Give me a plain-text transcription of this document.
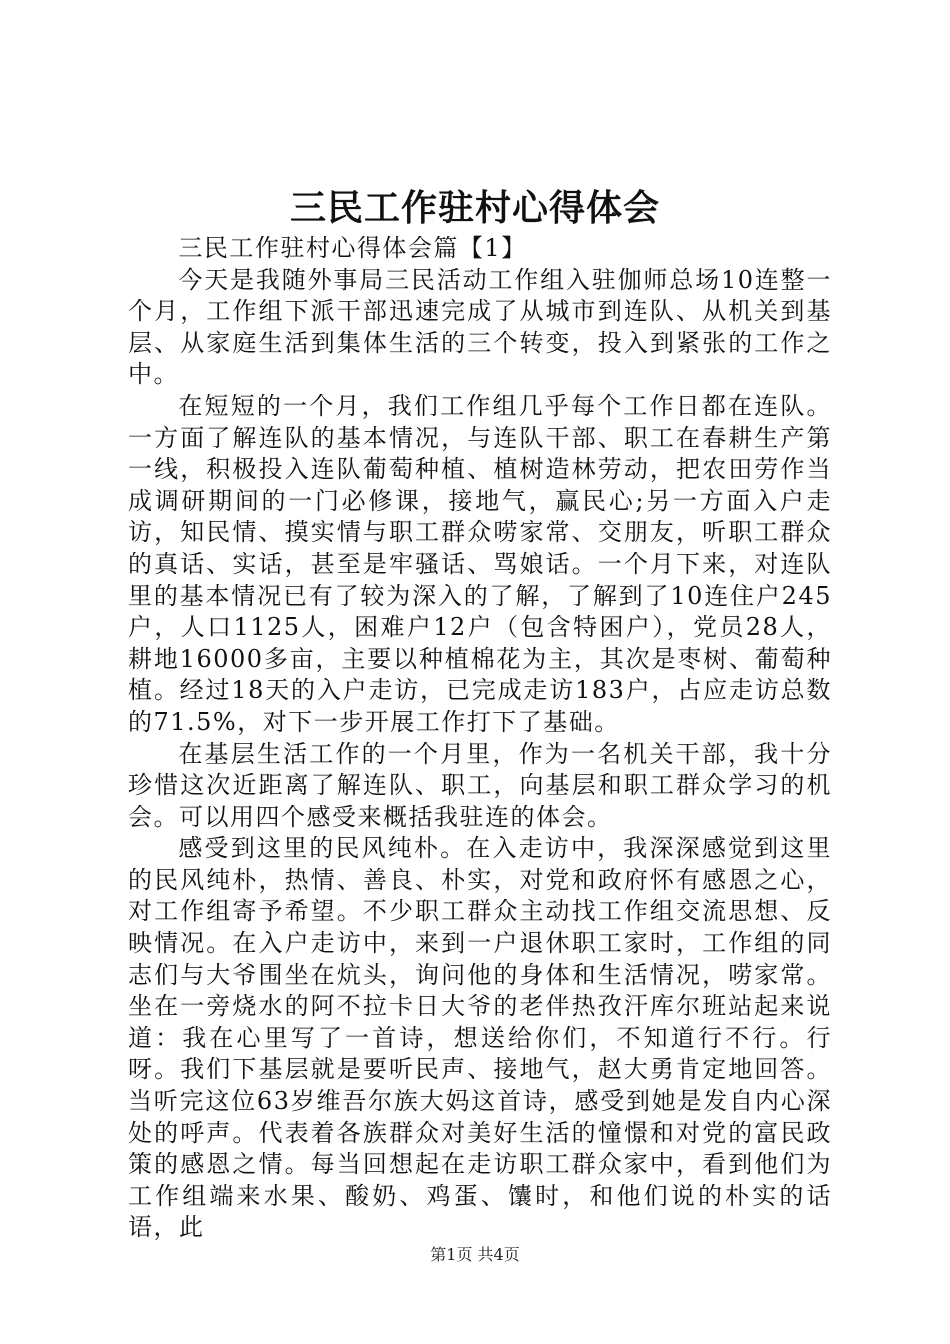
三民工作驻村心得体会

三民工作驻村心得体会篇【1】

今天是我随外事局三民活动工作组入驻伽师总场10连整一个月，工作组下派干部迅速完成了从城市到连队、从机关到基层、从家庭生活到集体生活的三个转变，投入到紧张的工作之中。

在短短的一个月，我们工作组几乎每个工作日都在连队。一方面了解连队的基本情况，与连队干部、职工在春耕生产第一线，积极投入连队葡萄种植、植树造林劳动，把农田劳作当成调研期间的一门必修课，接地气，赢民心;另一方面入户走访，知民情、摸实情与职工群众唠家常、交朋友，听职工群众的真话、实话，甚至是牢骚话、骂娘话。一个月下来，对连队里的基本情况已有了较为深入的了解，了解到了10连住户245户，人口1125人，困难户12户（包含特困户），党员28人，耕地16000多亩，主要以种植棉花为主，其次是枣树、葡萄种植。经过18天的入户走访，已完成走访183户，占应走访总数的71.5%，对下一步开展工作打下了基础。

在基层生活工作的一个月里，作为一名机关干部，我十分珍惜这次近距离了解连队、职工，向基层和职工群众学习的机会。可以用四个感受来概括我驻连的体会。

感受到这里的民风纯朴。在入走访中，我深深感觉到这里的民风纯朴，热情、善良、朴实，对党和政府怀有感恩之心，对工作组寄予希望。不少职工群众主动找工作组交流思想、反映情况。在入户走访中，来到一户退休职工家时，工作组的同志们与大爷围坐在炕头，询问他的身体和生活情况，唠家常。坐在一旁烧水的阿不拉卡日大爷的老伴热孜汗库尔班站起来说道：我在心里写了一首诗，想送给你们，不知道行不行。行呀。我们下基层就是要听民声、接地气，赵大勇肯定地回答。当听完这位63岁维吾尔族大妈这首诗，感受到她是发自内心深处的呼声。代表着各族群众对美好生活的憧憬和对党的富民政策的感恩之情。每当回想起在走访职工群众家中，看到他们为工作组端来水果、酸奶、鸡蛋、馕时，和他们说的朴实的话语，此

第1页 共4页
